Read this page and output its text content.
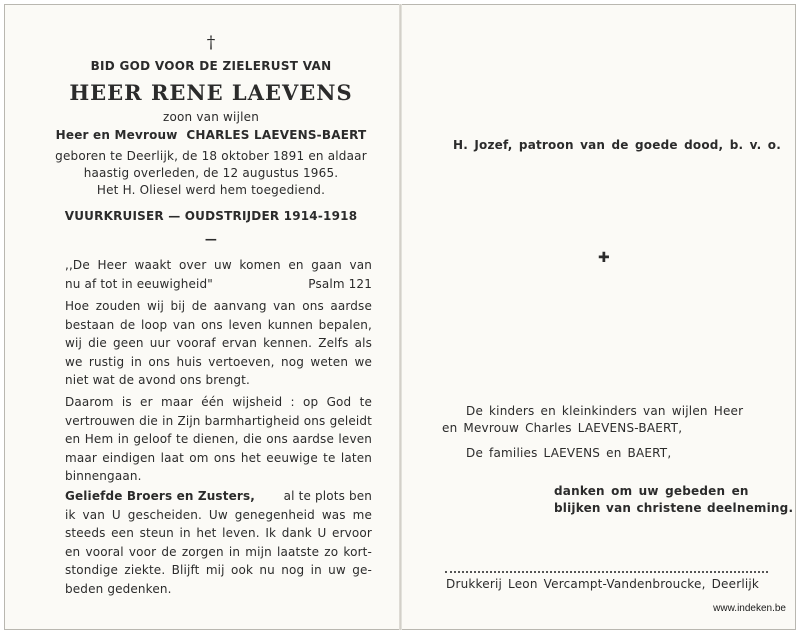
†
BID GOD VOOR DE ZIELERUST VAN
HEER RENE LAEVENS
zoon van wijlen
Heer en Mevrouw CHARLES LAEVENS-BAERT
geboren te Deerlijk, de 18 oktober 1891 en aldaar
haastig overleden, de 12 augustus 1965.
Het H. Oliesel werd hem toegediend.
VUURKRUISER — OUDSTRIJDER 1914-1918
—
,,De Heer waakt over uw komen en gaan van
nu af tot in eeuwigheid"	Psalm 121
Hoe zouden wij bij de aanvang van ons aardse
bestaan de loop van ons leven kunnen bepalen,
wij die geen uur vooraf ervan kennen. Zelfs als
we rustig in ons huis vertoeven, nog weten we
niet wat de avond ons brengt.
Daarom is er maar één wijsheid : op God te
vertrouwen die in Zijn barmhartigheid ons geleidt
en Hem in geloof te dienen, die ons aardse leven
maar eindigen laat om ons het eeuwige te laten
binnengaan.
Geliefde Broers en Zusters, al te plots ben
ik van U gescheiden. Uw genegenheid was me
steeds een steun in het leven. Ik dank U ervoor
en vooral voor de zorgen in mijn laatste zo kort-
stondige ziekte. Blijft mij ook nu nog in uw ge-
beden gedenken.
H. Jozef, patroon van de goede dood, b. v. o.
✚
De kinders en kleinkinders van wijlen Heer
en Mevrouw Charles LAEVENS-BAERT,
De families LAEVENS en BAERT,
danken om uw gebeden en
blijken van christene deelneming.
Drukkerij Leon Vercampt-Vandenbroucke, Deerlijk
www.indeken.be
